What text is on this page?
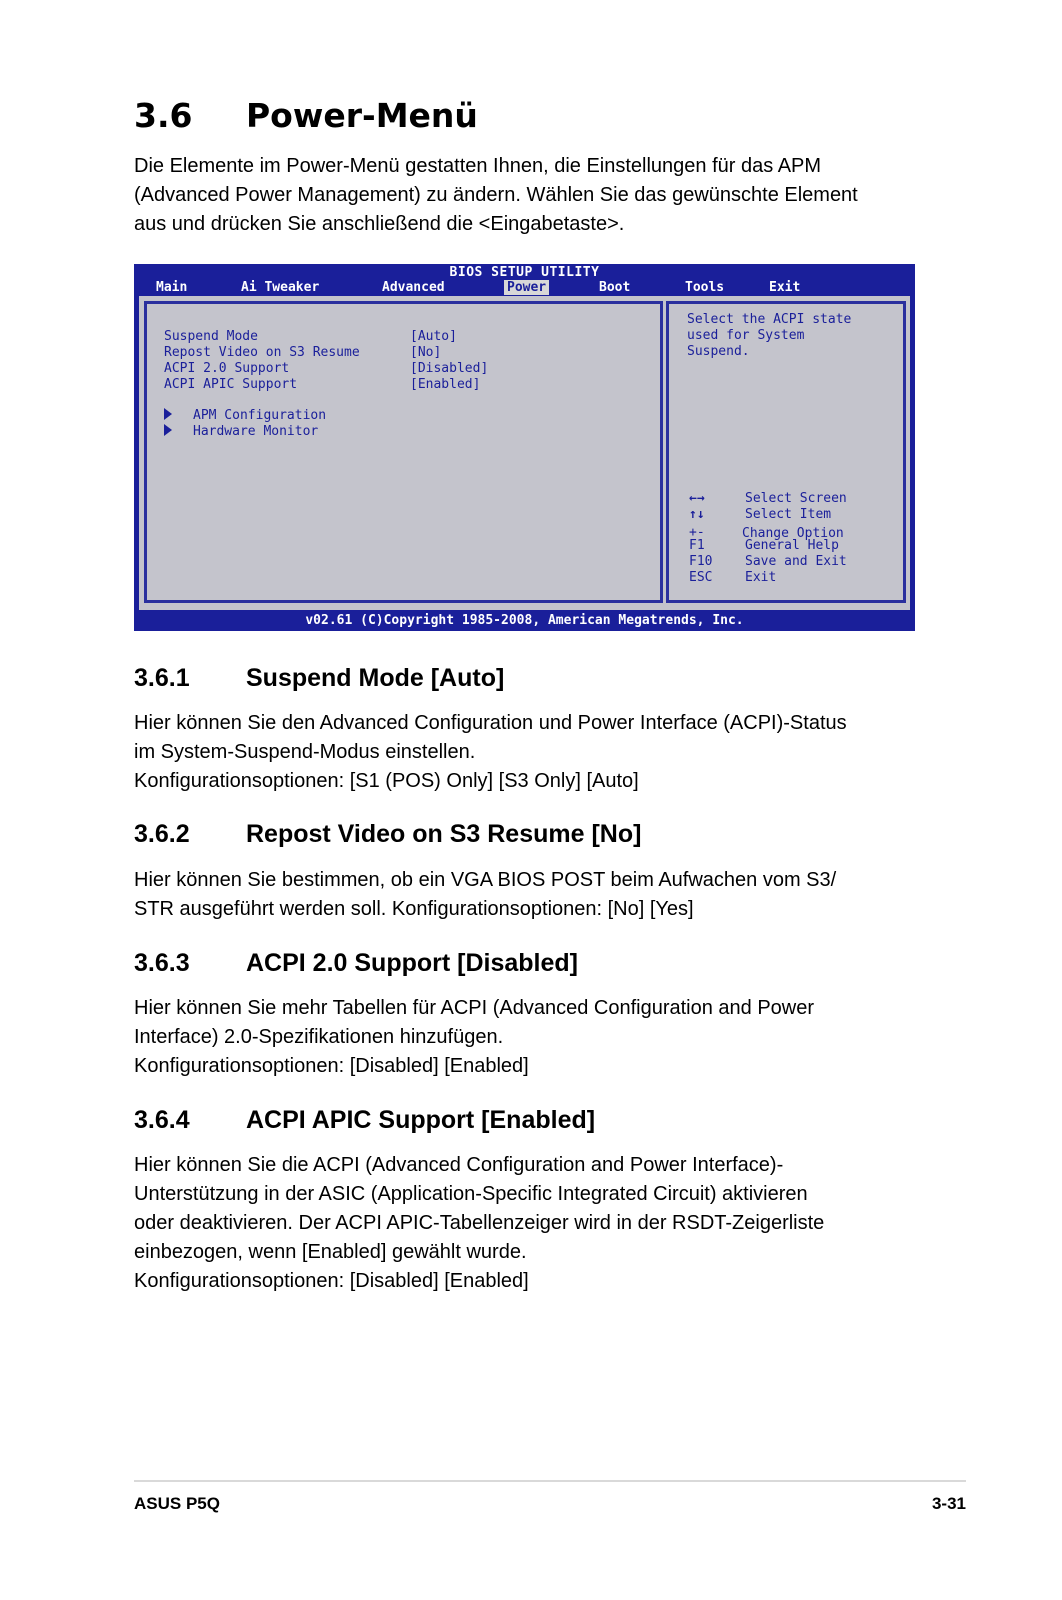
3.6 Power-Menü

Die Elemente im Power-Menü gestatten Ihnen, die Einstellungen für das APM
(Advanced Power Management) zu ändern. Wählen Sie das gewünschte Element
aus und drücken Sie anschließend die <Eingabetaste>.

BIOS SETUP UTILITY
Main	Ai Tweaker	Advanced	Power	Boot	Tools	Exit
Suspend Mode	[Auto]
Repost Video on S3 Resume	[No]
ACPI 2.0 Support	[Disabled]
ACPI APIC Support	[Enabled]
APM Configuration
Hardware Monitor
Select the ACPI state
used for System
Suspend.
←→	Select Screen
↑↓	Select Item
+-	Change Option
F1	General Help
F10	Save and Exit
ESC	Exit
v02.61 (C)Copyright 1985-2008, American Megatrends, Inc.
3.6.1 Suspend Mode [Auto]

Hier können Sie den Advanced Configuration und Power Interface (ACPI)-Status
im System-Suspend-Modus einstellen.
Konfigurationsoptionen: [S1 (POS) Only] [S3 Only] [Auto]

3.6.2 Repost Video on S3 Resume [No]

Hier können Sie bestimmen, ob ein VGA BIOS POST beim Aufwachen vom S3/
STR ausgeführt werden soll. Konfigurationsoptionen: [No] [Yes]

3.6.3 ACPI 2.0 Support [Disabled]

Hier können Sie mehr Tabellen für ACPI (Advanced Configuration and Power
Interface) 2.0-Spezifikationen hinzufügen.
Konfigurationsoptionen: [Disabled] [Enabled]

3.6.4 ACPI APIC Support [Enabled]

Hier können Sie die ACPI (Advanced Configuration and Power Interface)-
Unterstützung in der ASIC (Application-Specific Integrated Circuit) aktivieren
oder deaktivieren. Der ACPI APIC-Tabellenzeiger wird in der RSDT-Zeigerliste
einbezogen, wenn [Enabled] gewählt wurde.
Konfigurationsoptionen: [Disabled] [Enabled]

ASUS P5Q	3-31
